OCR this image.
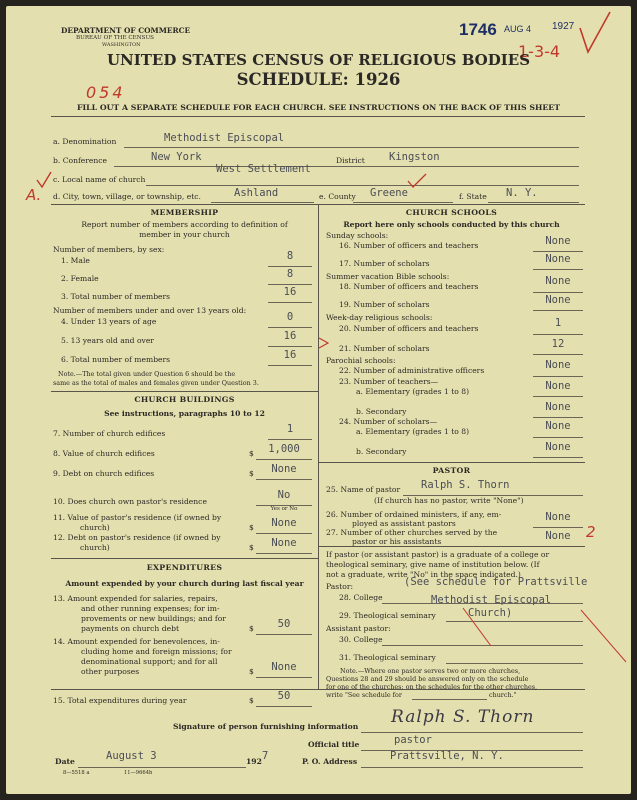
DEPARTMENT OF COMMERCE
BUREAU OF THE CENSUS
WASHINGTON
1746 AUG 4 1927
1-3-4
UNITED STATES CENSUS OF RELIGIOUS BODIES
SCHEDULE: 1926
054
FILL OUT A SEPARATE SCHEDULE FOR EACH CHURCH. SEE INSTRUCTIONS ON THE BACK OF THIS SHEET
a. Denomination	Methodist Episcopal
b. Conference	New York	District Kingston
c. Local name of church
West Settlement
A. d. City, town, village, or township, etc.	Ashland	e. County Greene	f. State N. Y.
MEMBERSHIP
Report number of members according to definition of
member in your church
Number of members, by sex:
1. Male	8
2. Female	8
3. Total number of members	16
Number of members under and over 13 years old:
4. Under 13 years of age	0
5. 13 years old and over	16
6. Total number of members	16
Note.—The total given under Question 6 should be the
same as the total of males and females given under Question 3.
CHURCH BUILDINGS
See instructions, paragraphs 10 to 12
7. Number of church edifices	1
8. Value of church edifices	$	1,000
9. Debt on church edifices	$	None
10. Does church own pastor's residence
No
Yes or No
11. Value of pastor's residence (if owned by
church)	$	None
12. Debt on pastor's residence (if owned by
church)	$	None
EXPENDITURES
Amount expended by your church during last fiscal year
13. Amount expended for salaries, repairs,
and other running expenses; for im-
provements or new buildings; and for
payments on church debt	$	50
14. Amount expended for benevolences, in-
cluding home and foreign missions; for
denominational support; and for all
other purposes	$	None
15. Total expenditures during year	$	50
CHURCH SCHOOLS
Report here only schools conducted by this church
Sunday schools:
16. Number of officers and teachers	None
17. Number of scholars	None
Summer vacation Bible schools:
18. Number of officers and teachers	None
19. Number of scholars	None
Week-day religious schools:
20. Number of officers and teachers	1
21. Number of scholars	12
Parochial schools:
22. Number of administrative officers	None
23. Number of teachers—
a. Elementary (grades 1 to 8)	None
b. Secondary	None
24. Number of scholars—
a. Elementary (grades 1 to 8)	None
b. Secondary	None
PASTOR
25. Name of pastor Ralph S. Thorn
(If church has no pastor, write "None")
26. Number of ordained ministers, if any, em-
ployed as assistant pastors
None
27. Number of other churches served by the
pastor or his assistants	None	2
If pastor (or assistant pastor) is a graduate of a college or
theological seminary, give name of institution below. (If
not a graduate, write "No" in the space indicated.)
Pastor:
28. College
(See schedule for Prattsville
29. Theological seminary
Methodist Episcopal
Church)
Assistant pastor:
30. College
31. Theological seminary
Note.—Where one pastor serves two or more churches,
Questions 28 and 29 should be answered only on the schedule
for one of the churches; on the schedules for the other churches,
write "See schedule for	church."
Signature of person furnishing information Ralph S. Thorn
Official title	pastor
Date	August 3	192 7	P. O. Address	Prattsville, N. Y.
8—5518 a	11—9664b
